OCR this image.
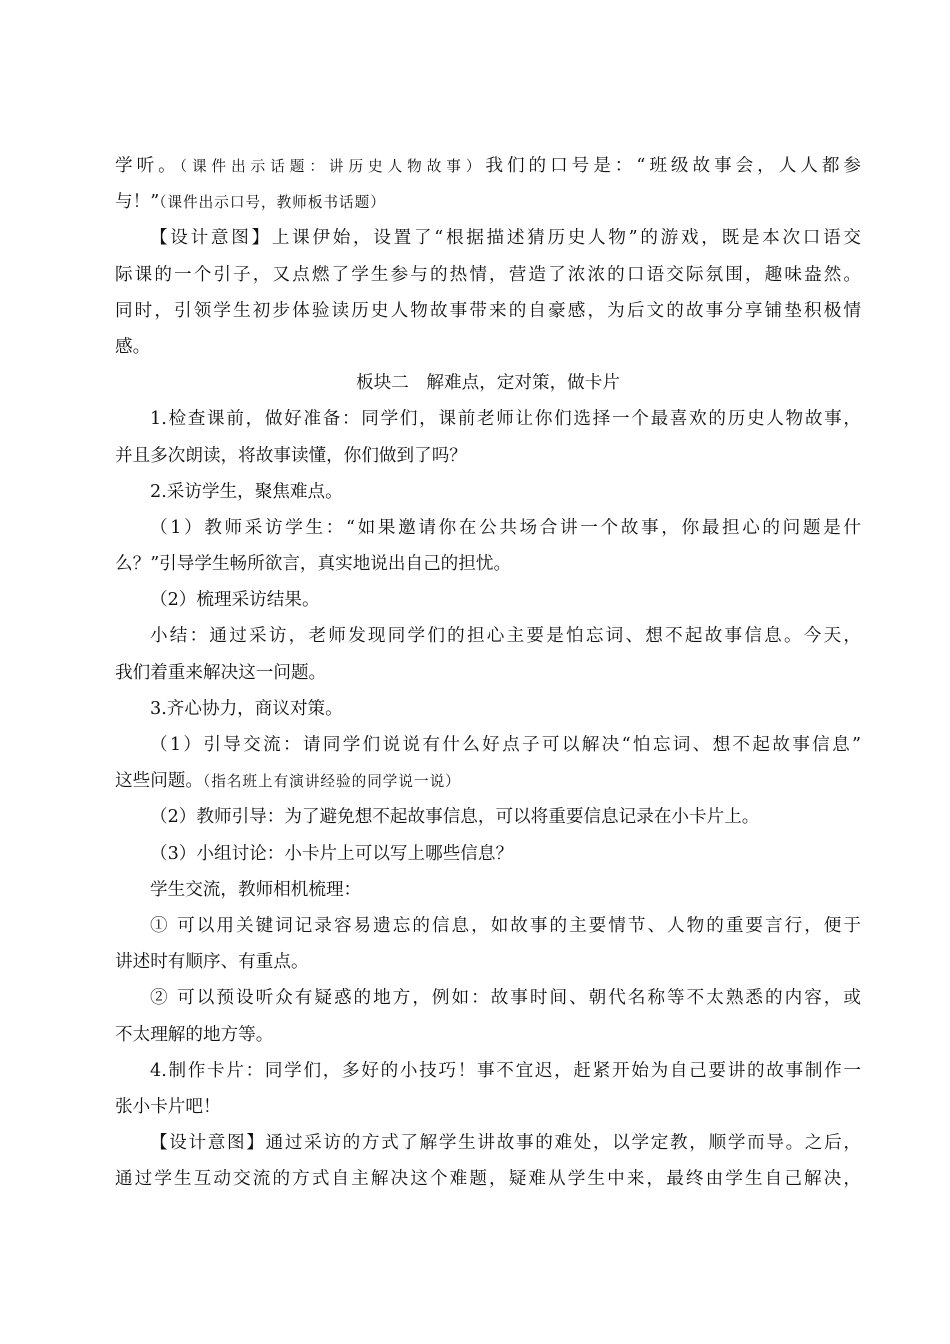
学听。（课件出示话题：讲历史人物故事）我们的口号是：“班级故事会，人人都参
与！”（课件出示口号，教师板书话题）
【设计意图】上课伊始，设置了“根据描述猜历史人物”的游戏，既是本次口语交
际课的一个引子，又点燃了学生参与的热情，营造了浓浓的口语交际氛围，趣味盎然。
同时，引领学生初步体验读历史人物故事带来的自豪感，为后文的故事分享铺垫积极情
感。
板块二　解难点，定对策，做卡片
1.检查课前，做好准备：同学们，课前老师让你们选择一个最喜欢的历史人物故事，
并且多次朗读，将故事读懂，你们做到了吗？
2.采访学生，聚焦难点。
（1）教师采访学生：“如果邀请你在公共场合讲一个故事，你最担心的问题是什
么？”引导学生畅所欲言，真实地说出自己的担忧。
（2）梳理采访结果。
小结：通过采访，老师发现同学们的担心主要是怕忘词、想不起故事信息。今天，
我们着重来解决这一问题。
3.齐心协力，商议对策。
（1）引导交流：请同学们说说有什么好点子可以解决“怕忘词、想不起故事信息”
这些问题。（指名班上有演讲经验的同学说一说）
（2）教师引导：为了避免想不起故事信息，可以将重要信息记录在小卡片上。
（3）小组讨论：小卡片上可以写上哪些信息？
学生交流，教师相机梳理：
① 可以用关键词记录容易遗忘的信息，如故事的主要情节、人物的重要言行，便于
讲述时有顺序、有重点。
② 可以预设听众有疑惑的地方，例如：故事时间、朝代名称等不太熟悉的内容，或
不太理解的地方等。
4.制作卡片：同学们，多好的小技巧！事不宜迟，赶紧开始为自己要讲的故事制作一
张小卡片吧！
【设计意图】通过采访的方式了解学生讲故事的难处，以学定教，顺学而导。之后，
通过学生互动交流的方式自主解决这个难题，疑难从学生中来，最终由学生自己解决，
